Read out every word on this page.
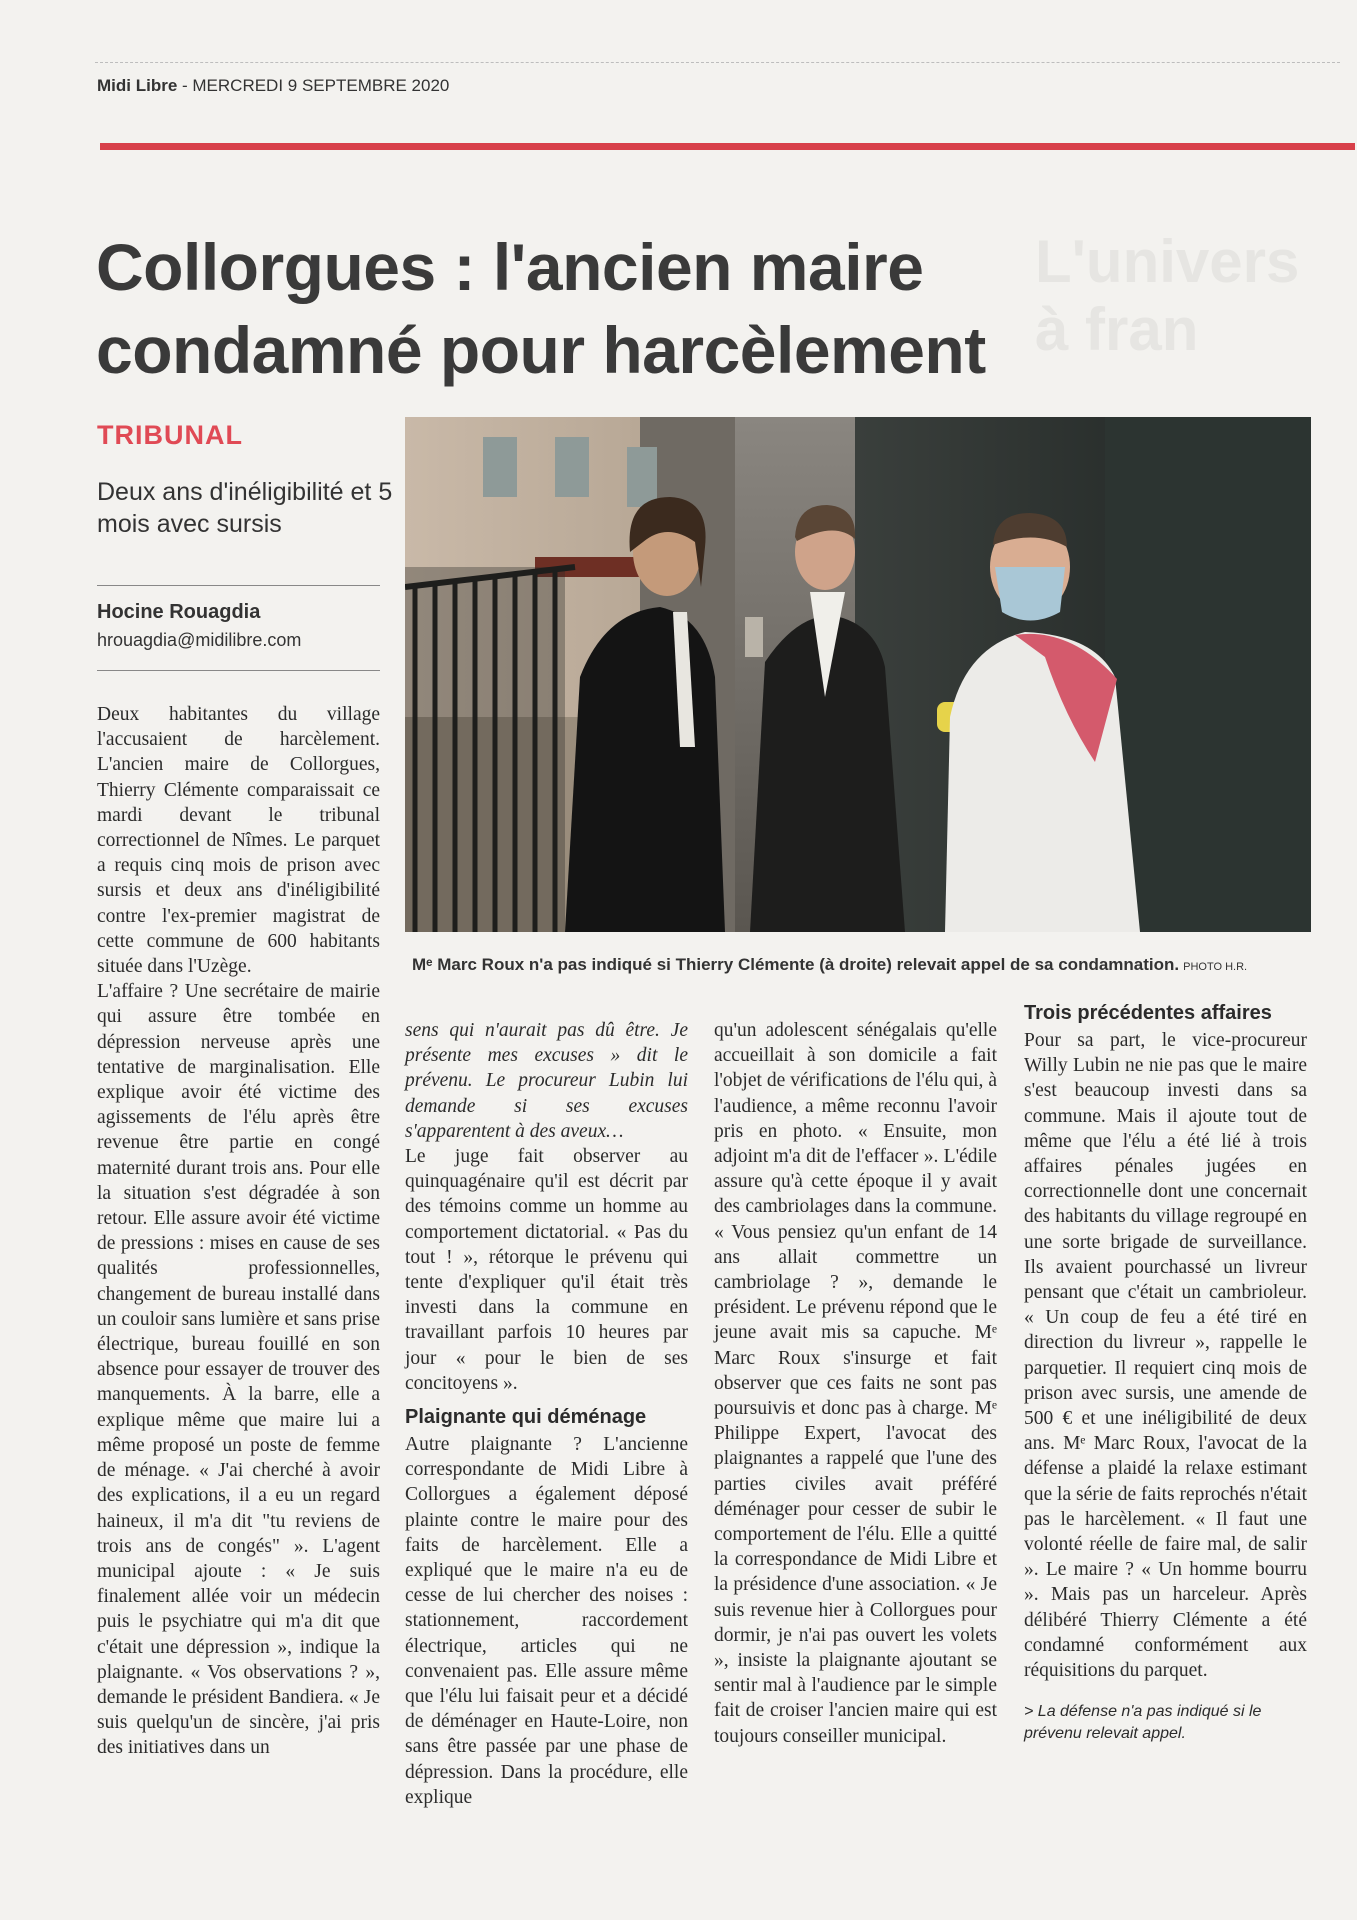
Midi Libre - MERCREDI 9 SEPTEMBRE 2020
L'univers
à fran
Collorgues : l'ancien maire condamné pour harcèlement
TRIBUNAL
Deux ans d'inéligibilité et 5 mois avec sursis
Hocine Rouagdia
hrouagdia@midilibre.com
Mᵉ Marc Roux n'a pas indiqué si Thierry Clémente (à droite) relevait appel de sa condamnation. PHOTO H.R.

Deux habitantes du village l'accusaient de harcèlement. L'ancien maire de Collorgues, Thierry Clémente comparaissait ce mardi devant le tribunal correctionnel de Nîmes. Le parquet a requis cinq mois de prison avec sursis et deux ans d'inéligibilité contre l'ex-premier magistrat de cette commune de 600 habitants située dans l'Uzège.

L'affaire ? Une secrétaire de mairie qui assure être tombée en dépression nerveuse après une tentative de marginalisation. Elle explique avoir été victime des agissements de l'élu après être revenue être partie en congé maternité durant trois ans. Pour elle la situation s'est dégradée à son retour. Elle assure avoir été victime de pressions : mises en cause de ses qualités professionnelles, changement de bureau installé dans un couloir sans lumière et sans prise électrique, bureau fouillé en son absence pour essayer de trouver des manquements. À la barre, elle a explique même que maire lui a même proposé un poste de femme de ménage. « J'ai cherché à avoir des explications, il a eu un regard haineux, il m'a dit "tu reviens de trois ans de congés" ». L'agent municipal ajoute : « Je suis finalement allée voir un médecin puis le psychiatre qui m'a dit que c'était une dépression », indique la plaignante. « Vos observations ? », demande le président Bandiera. « Je suis quelqu'un de sincère, j'ai pris des initiatives dans un

sens qui n'aurait pas dû être. Je présente mes excuses » dit le prévenu. Le procureur Lubin lui demande si ses excuses s'apparentent à des aveux…

Le juge fait observer au quinquagénaire qu'il est décrit par des témoins comme un homme au comportement dictatorial. « Pas du tout ! », rétorque le prévenu qui tente d'expliquer qu'il était très investi dans la commune en travaillant parfois 10 heures par jour « pour le bien de ses concitoyens ».

Plaignante qui déménage

Autre plaignante ? L'ancienne correspondante de Midi Libre à Collorgues a également déposé plainte contre le maire pour des faits de harcèlement. Elle a expliqué que le maire n'a eu de cesse de lui chercher des noises : stationnement, raccordement électrique, articles qui ne convenaient pas. Elle assure même que l'élu lui faisait peur et a décidé de déménager en Haute-Loire, non sans être passée par une phase de dépression. Dans la procédure, elle explique

qu'un adolescent sénégalais qu'elle accueillait à son domicile a fait l'objet de vérifications de l'élu qui, à l'audience, a même reconnu l'avoir pris en photo. « Ensuite, mon adjoint m'a dit de l'effacer ». L'édile assure qu'à cette époque il y avait des cambriolages dans la commune. « Vous pensiez qu'un enfant de 14 ans allait commettre un cambriolage ? », demande le président. Le prévenu répond que le jeune avait mis sa capuche. Mᵉ Marc Roux s'insurge et fait observer que ces faits ne sont pas poursuivis et donc pas à charge. Mᵉ Philippe Expert, l'avocat des plaignantes a rappelé que l'une des parties civiles avait préféré déménager pour cesser de subir le comportement de l'élu. Elle a quitté la correspondance de Midi Libre et la présidence d'une association. « Je suis revenue hier à Collorgues pour dormir, je n'ai pas ouvert les volets », insiste la plaignante ajoutant se sentir mal à l'audience par le simple fait de croiser l'ancien maire qui est toujours conseiller municipal.

Trois précédentes affaires

Pour sa part, le vice-procureur Willy Lubin ne nie pas que le maire s'est beaucoup investi dans sa commune. Mais il ajoute tout de même que l'élu a été lié à trois affaires pénales jugées en correctionnelle dont une concernait des habitants du village regroupé en une sorte brigade de surveillance. Ils avaient pourchassé un livreur pensant que c'était un cambrioleur. « Un coup de feu a été tiré en direction du livreur », rappelle le parquetier. Il requiert cinq mois de prison avec sursis, une amende de 500 € et une inéligibilité de deux ans. Mᵉ Marc Roux, l'avocat de la défense a plaidé la relaxe estimant que la série de faits reprochés n'était pas le harcèlement. « Il faut une volonté réelle de faire mal, de salir ». Le maire ? « Un homme bourru ». Mais pas un harceleur. Après délibéré Thierry Clémente a été condamné conformément aux réquisitions du parquet.

> La défense n'a pas indiqué si le prévenu relevait appel.
